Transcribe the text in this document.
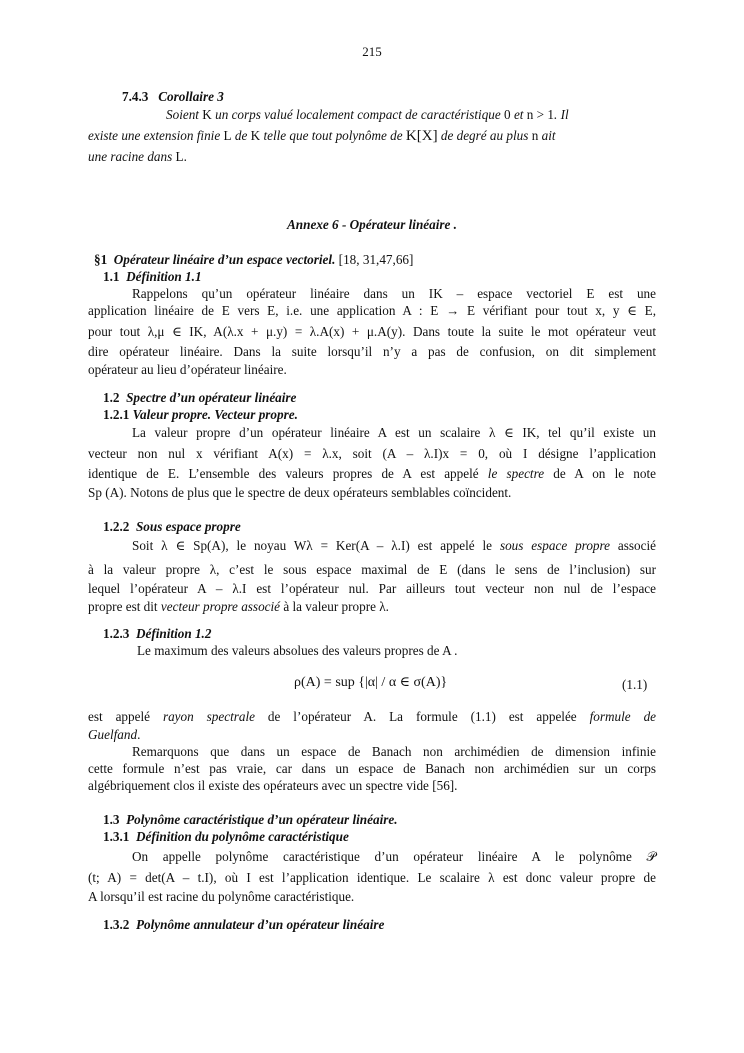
215
7.4.3 Corollaire 3
Soient K un corps valué localement compact de caractéristique 0 et n > 1. Il
existe une extension finie L de K telle que tout polynôme de K[X] de degré au plus n ait
une racine dans L.
Annexe 6 - Opérateur linéaire .
§1 Opérateur linéaire d’un espace vectoriel. [18, 31,47,66]
1.1 Définition 1.1
Rappelons qu’un opérateur linéaire dans un IK – espace vectoriel E est une
application linéaire de E vers E, i.e. une application A : E → E vérifiant pour tout x, y ∈ E,
pour tout λ,μ ∈ IK, A(λ.x + μ.y) = λ.A(x) + μ.A(y). Dans toute la suite le mot opérateur veut
dire opérateur linéaire. Dans la suite lorsqu’il n’y a pas de confusion, on dit simplement
opérateur au lieu d’opérateur linéaire.
1.2 Spectre d’un opérateur linéaire
1.2.1 Valeur propre. Vecteur propre.
La valeur propre d’un opérateur linéaire A est un scalaire λ ∈ IK, tel qu’il existe un
vecteur non nul x vérifiant A(x) = λ.x, soit (A – λ.I)x = 0, où I désigne l’application
identique de E. L’ensemble des valeurs propres de A est appelé le spectre de A on le note
Sp (A). Notons de plus que le spectre de deux opérateurs semblables coïncident.
1.2.2 Sous espace propre
Soit λ ∈ Sp(A), le noyau Wλ = Ker(A – λ.I) est appelé le sous espace propre associé
à la valeur propre λ, c’est le sous espace maximal de E (dans le sens de l’inclusion) sur
lequel l’opérateur A – λ.I est l’opérateur nul. Par ailleurs tout vecteur non nul de l’espace
propre est dit vecteur propre associé à la valeur propre λ.
1.2.3 Définition 1.2
Le maximum des valeurs absolues des valeurs propres de A .
ρ(A) = sup {|α| / α ∈ σ(A)}	(1.1)
est appelé rayon spectrale de l’opérateur A. La formule (1.1) est appelée formule de
Guelfand.
Remarquons que dans un espace de Banach non archimédien de dimension infinie
cette formule n’est pas vraie, car dans un espace de Banach non archimédien sur un corps
algébriquement clos il existe des opérateurs avec un spectre vide [56].
1.3 Polynôme caractéristique d’un opérateur linéaire.
1.3.1 Définition du polynôme caractéristique
On appelle polynôme caractéristique d’un opérateur linéaire A le polynôme 𝒫
(t; A) = det(A – t.I), où I est l’application identique. Le scalaire λ est donc valeur propre de
A lorsqu’il est racine du polynôme caractéristique.
1.3.2 Polynôme annulateur d’un opérateur linéaire
